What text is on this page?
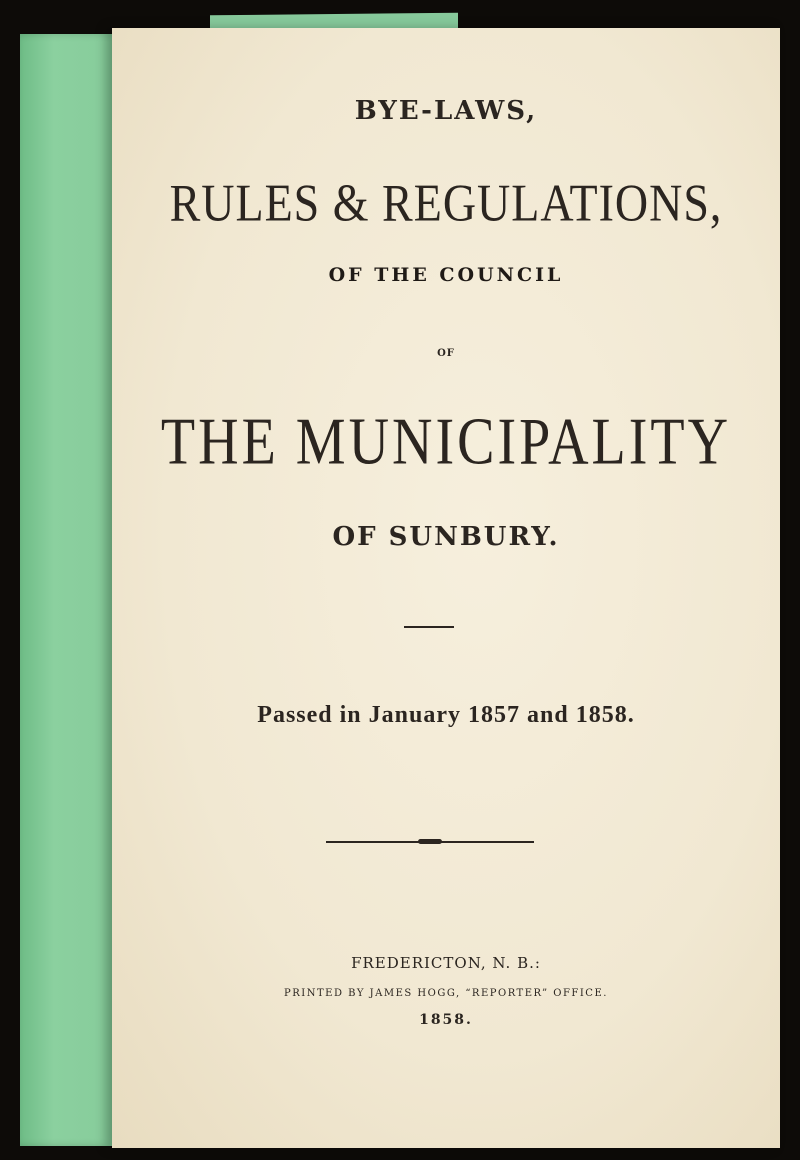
BYE-LAWS,
RULES & REGULATIONS,
OF THE COUNCIL
OF
THE MUNICIPALITY
OF SUNBURY.
Passed in January 1857 and 1858.
FREDERICTON, N. B.:
PRINTED BY JAMES HOGG, “REPORTER” OFFICE.
1858.
